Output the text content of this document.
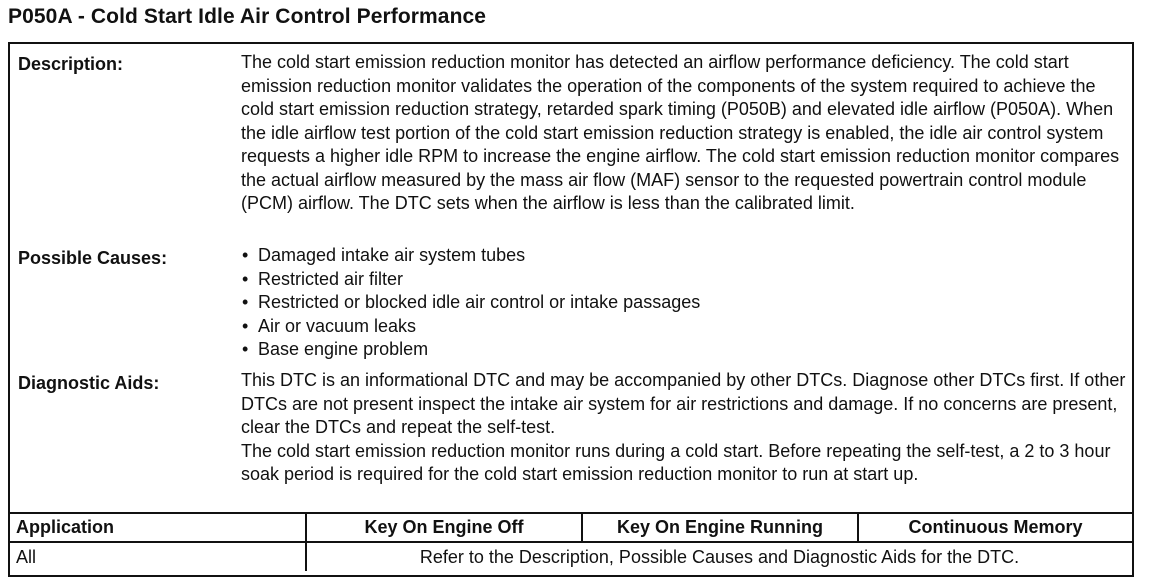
P050A - Cold Start Idle Air Control Performance
Description:	The cold start emission reduction monitor has detected an airflow performance deficiency. The cold start emission reduction monitor validates the operation of the components of the system required to achieve the cold start emission reduction strategy, retarded spark timing (P050B) and elevated idle airflow (P050A). When the idle airflow test portion of the cold start emission reduction strategy is enabled, the idle air control system requests a higher idle RPM to increase the engine airflow. The cold start emission reduction monitor compares the actual airflow measured by the mass air flow (MAF) sensor to the requested powertrain control module (PCM) airflow. The DTC sets when the airflow is less than the calibrated limit.

Possible Causes:	• Damaged intake air system tubes
• Restricted air filter
• Restricted or blocked idle air control or intake passages
• Air or vacuum leaks
• Base engine problem
Diagnostic Aids:	This DTC is an informational DTC and may be accompanied by other DTCs. Diagnose other DTCs first. If other DTCs are not present inspect the intake air system for air restrictions and damage. If no concerns are present, clear the DTCs and repeat the self-test.

The cold start emission reduction monitor runs during a cold start. Before repeating the self-test, a 2 to 3 hour soak period is required for the cold start emission reduction monitor to run at start up.

Application	Key On Engine Off	Key On Engine Running	Continuous Memory
All	Refer to the Description, Possible Causes and Diagnostic Aids for the DTC.		
